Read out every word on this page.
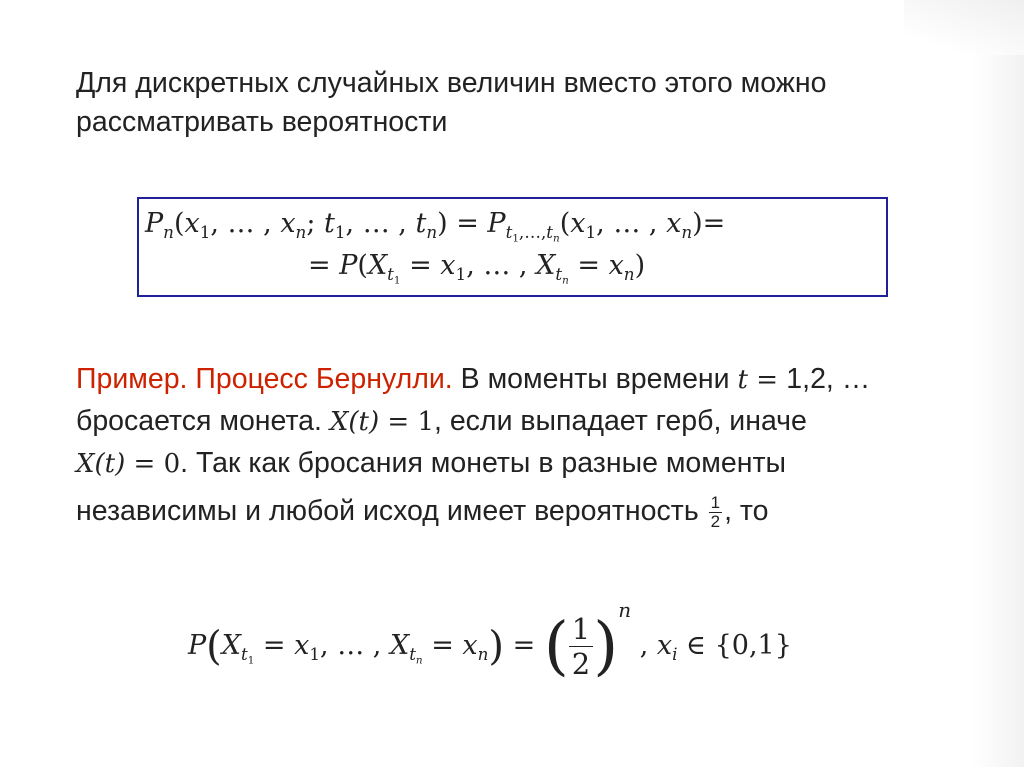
Для дискретных случайных величин вместо этого можно
рассматривать вероятности
$P_n(x_1$, … , $x_n$; $t_1$, … , $t_n) = P_{t_1,\dots,t_n}(x_1$, … , $x_n)=$
= $P(X_{t_1} = x_1$, … , $X_{t_n} = x_n$)
Пример. Процесс Бернулли. В моменты времени t = 1,2, …
бросается монета. X(t) = 1, если выпадает герб, иначе
X(t) = 0. Так как бросания монеты в разные моменты
независимы и любой исход имеет вероятность $\frac{1}{2}$ , то
$P(X_{t_1} = x_1$, … , $X_{t_n} = x_n$) = ( $\frac{1}{2} )n$ , $x_i$ ∈ {0,1}
